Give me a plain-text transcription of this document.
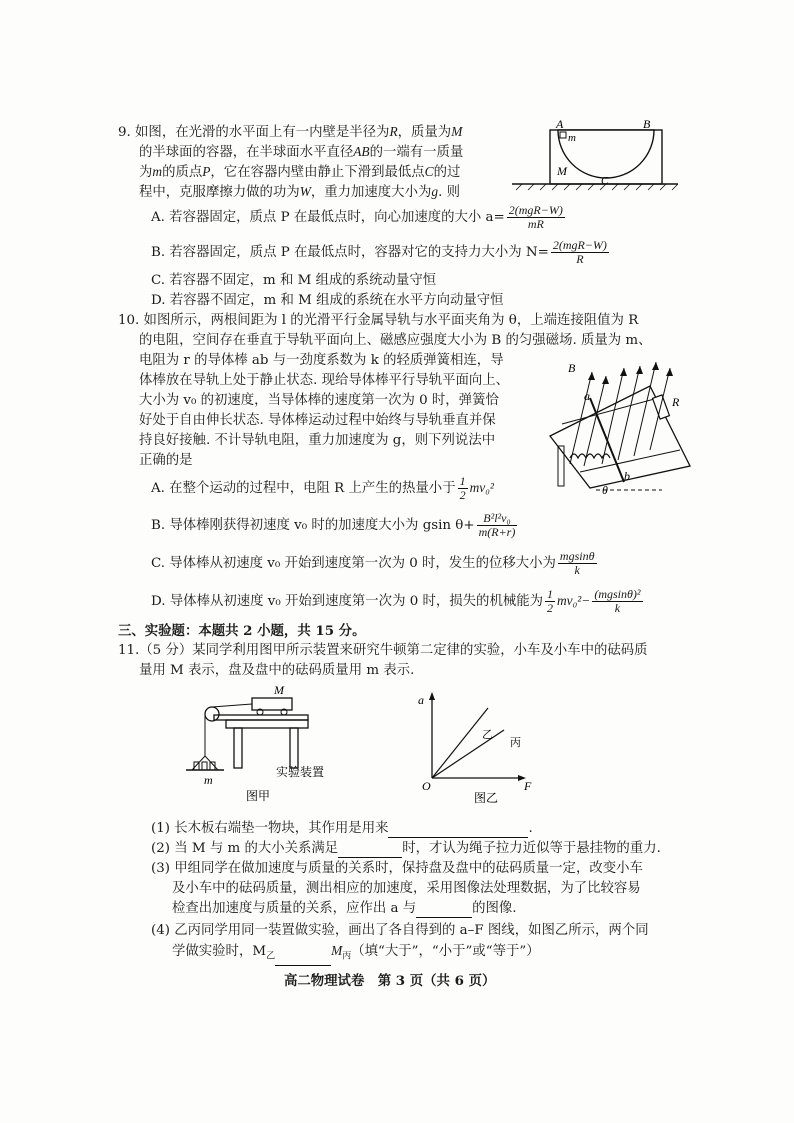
9. 如图，在光滑的水平面上有一内壁是半径为R，质量为M
的半球面的容器，在半球面水平直径AB的一端有一质量
为m的质点P，它在容器内壁由静止下滑到最低点C的过
程中，克服摩擦力做的功为W，重力加速度大小为g. 则
A	B
m
M
C
A. 若容器固定，质点 P 在最低点时，向心加速度的大小 $a= \frac{\text{2(mgR−W)}}{mR}$
B. 若容器固定，质点 P 在最低点时，容器对它的支持力大小为 $N= \frac{\text{2(mgR−W)}}{R}$
C. 若容器不固定，m 和 M 组成的系统动量守恒
D. 若容器不固定，m 和 M 组成的系统在水平方向动量守恒
10. 如图所示，两根间距为 l 的光滑平行金属导轨与水平面夹角为 θ，上端连接阻值为 R
的电阻，空间存在垂直于导轨平面向上、磁感应强度大小为 B 的匀强磁场. 质量为 m、
电阻为 r 的导体棒 ab 与一劲度系数为 k 的轻质弹簧相连，导
体棒放在导轨上处于静止状态. 现给导体棒平行导轨平面向上、
大小为 v₀ 的初速度，当导体棒的速度第一次为 0 时，弹簧恰
好处于自由伸长状态. 导体棒运动过程中始终与导轨垂直并保
持良好接触. 不计导轨电阻，重力加速度为 g，则下列说法中
正确的是
B
a	R
b
θ
A. 在整个运动的过程中，电阻 R 上产生的热量小于 $\frac{1}{2} mv_0^2$
B. 导体棒刚获得初速度 v₀ 时的加速度大小为 gsin $\theta+ \frac{\text{B²l²v₀}}{m(R+r)}$
C. 导体棒从初速度 v₀ 开始到速度第一次为 0 时，发生的位移大小为 $\frac{mgsin\theta}{k}$
D. 导体棒从初速度 v₀ 开始到速度第一次为 0 时，损失的机械能为 $\frac{1}{2} mv_0^2- \frac{\text{(mgsinθ)²}}{k}$
三、实验题：本题共 2 小题，共 15 分。
11.（5 分）某同学利用图甲所示装置来研究牛顿第二定律的实验，小车及小车中的砝码质
量用 M 表示，盘及盘中的砝码质量用 m 表示.
M
m
实验装置
图甲
a
O	F
乙
丙
图乙
(1) 长木板右端垫一物块，其作用是用来	.
(2) 当 M 与 m 的大小关系满足	时，才认为绳子拉力近似等于悬挂物的重力.
(3) 甲组同学在做加速度与质量的关系时，保持盘及盘中的砝码质量一定，改变小车
及小车中的砝码质量，测出相应的加速度，采用图像法处理数据，为了比较容易
检查出加速度与质量的关系，应作出 a 与	的图像.
(4) 乙丙同学用同一装置做实验，画出了各自得到的 a–F 图线，如图乙所示，两个同
学做实验时，$M_乙$	$M_丙$（填“大于”，“小于”或“等于”）
高二物理试卷　第 3 页（共 6 页）
